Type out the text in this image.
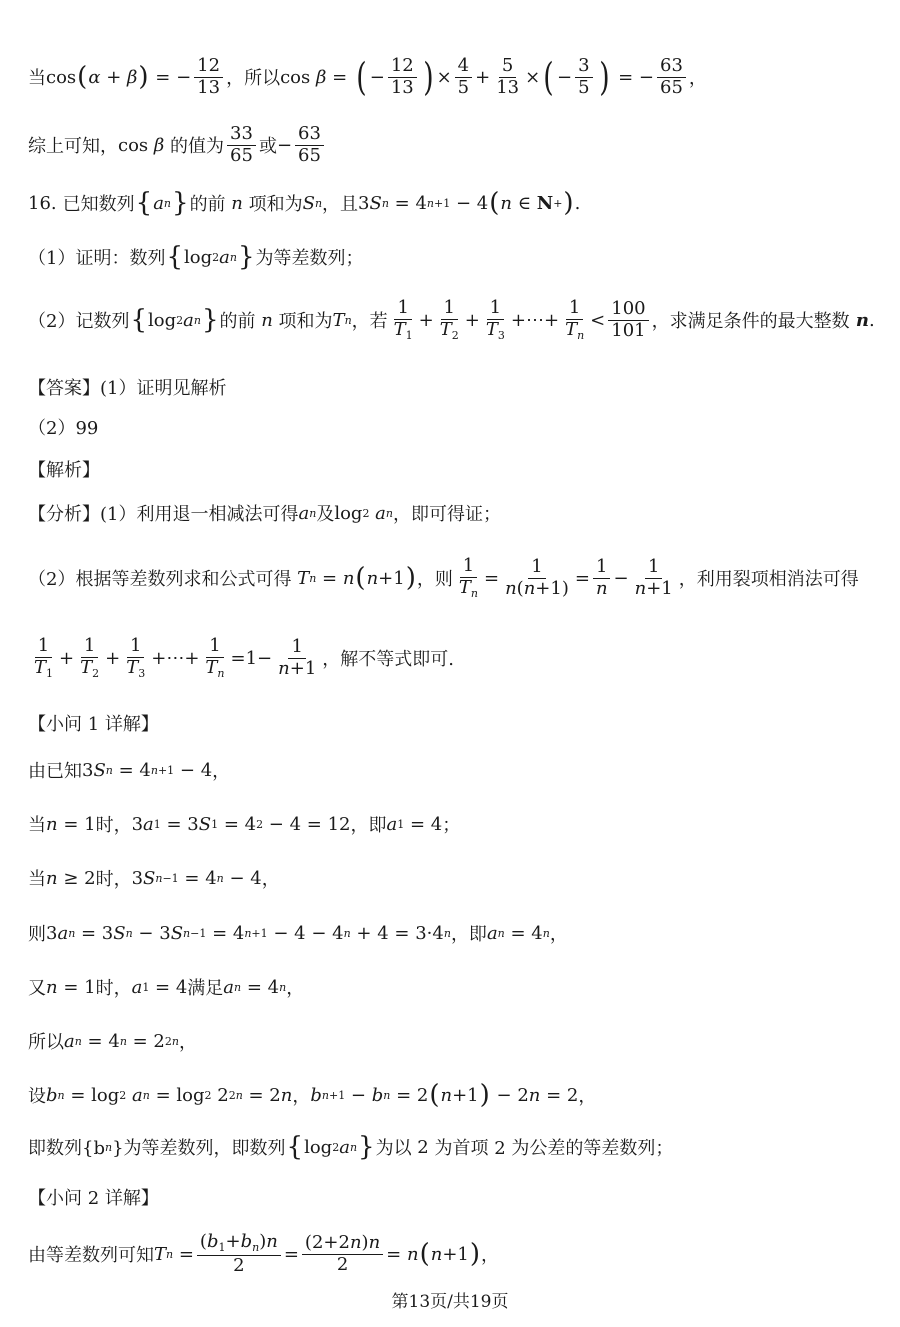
当 cos ( α + β ) = − $\frac{12}{13}$ ，所以 cos
β = ( − $\frac{12}{13}$ ) × $\frac{4}{5} + \frac{5}{13}$ × ( − $\frac{3}{5}$ ) = − $\frac{63}{65}$ ，
综上可知， cos
β
的值为 $\frac{33}{65}$ 或 − $\frac{63}{65}$
16. 已知数列 { a n } 的前 n 项和为 S n ，且 3 S n = 4 n+1 − 4 ( n ∈ N + ) .
（1）证明：数列 { log 2 a n } 为等差数列；
（2）记数列 { log 2 a n } 的前 n 项和为 T n ，若 $\frac{1}{T_1} + \frac{1}{T_2} + \frac{1}{T_3}$ +⋯+ $\frac{1}{T_n} < \frac{100}{101}$ ，求满足条件的最大整数 n .
【答案】(1）证明见解析
（2）99
【解析】
【分析】(1）利用退一相减法可得 a n 及 log 2
a n ，即可得证；
（2）根据等差数列求和公式可得 T n = n ( n +1 ) ，则 $\frac{1}{T_n} = \frac{1}{n(n+1)} = \frac{1}{n} - \frac{1}{n+1}$ ，利用裂项相消法可得
$\frac{1}{T_1} + \frac{1}{T_2} + \frac{1}{T_3}$ +⋯+ $\frac{1}{T_n} =1- \frac{1}{n+1}$ ，解不等式即可.
【小问 1 详解】
由已知 3 S n = 4 n+1 − 4 ，
当 n = 1 时， 3 a 1 = 3 S 1 = 4 2 − 4 = 12 ，即 a 1 = 4 ；
当 n ≥ 2 时， 3 S n−1 = 4 n − 4 ，
则 3 a n = 3 S n − 3 S n−1 = 4 n+1 − 4 − 4 n + 4 = 3·4 n ，即 a n = 4 n ，
又 n = 1 时， a 1 = 4 满足 a n = 4 n ，
所以 a n = 4 n = 2 2n ，
设 b n = log 2
a n = log 2 2 2n = 2 n ， b n+1 − b n = 2 ( n +1 ) − 2 n = 2 ，
即数列{b n }为等差数列，即数列 { log 2 a n } 为以 2 为首项 2 为公差的等差数列；
【小问 2 详解】
由等差数列可知 T $n = \frac{(b_1+b_n)n}{2} = \frac{(2+2n)n}{2} = n$ ( n +1 ) ，
第13页/共19页
